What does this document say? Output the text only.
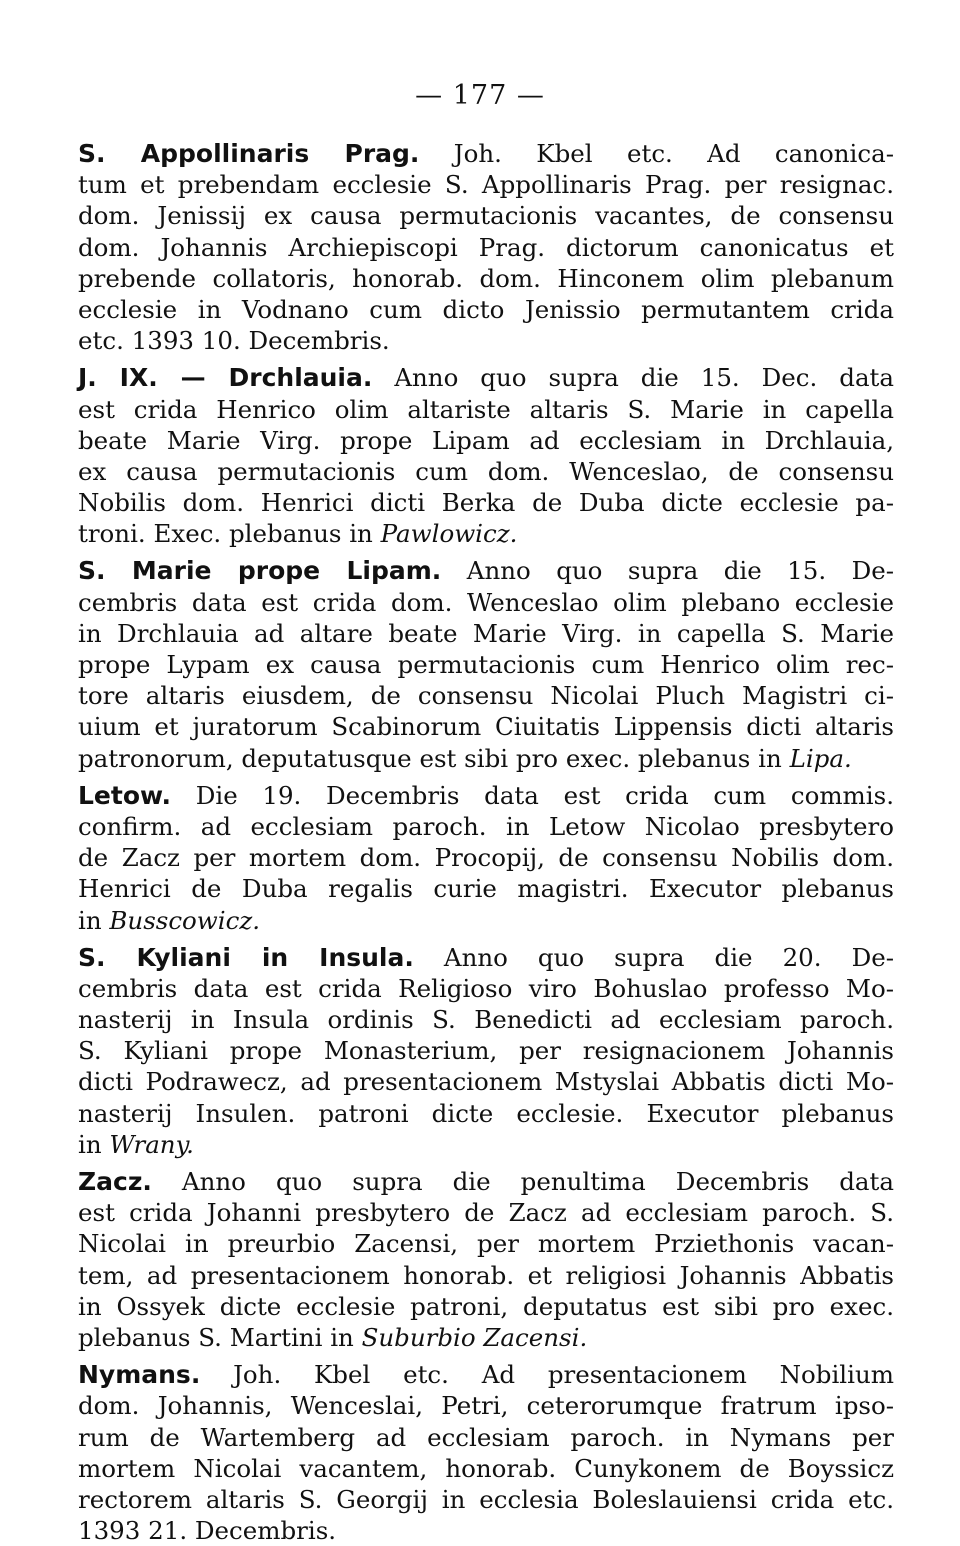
— 177 —
S. Appollinaris Prag. Joh. Kbel etc. Ad canonica-
tum et prebendam ecclesie S. Appollinaris Prag. per resignac.
dom. Jenissij ex causa permutacionis vacantes, de consensu
dom. Johannis Archiepiscopi Prag. dictorum canonicatus et
prebende collatoris, honorab. dom. Hinconem olim plebanum
ecclesie in Vodnano cum dicto Jenissio permutantem crida
etc. 1393 10. Decembris.
J. IX. — Drchlauia. Anno quo supra die 15. Dec. data
est crida Henrico olim altariste altaris S. Marie in capella
beate Marie Virg. prope Lipam ad ecclesiam in Drchlauia,
ex causa permutacionis cum dom. Wenceslao, de consensu
Nobilis dom. Henrici dicti Berka de Duba dicte ecclesie pa-
troni. Exec. plebanus in Pawlowicz.
S. Marie prope Lipam. Anno quo supra die 15. De-
cembris data est crida dom. Wenceslao olim plebano ecclesie
in Drchlauia ad altare beate Marie Virg. in capella S. Marie
prope Lypam ex causa permutacionis cum Henrico olim rec-
tore altaris eiusdem, de consensu Nicolai Pluch Magistri ci-
uium et juratorum Scabinorum Ciuitatis Lippensis dicti altaris
patronorum, deputatusque est sibi pro exec. plebanus in Lipa.
Letow. Die 19. Decembris data est crida cum commis.
confirm. ad ecclesiam paroch. in Letow Nicolao presbytero
de Zacz per mortem dom. Procopij, de consensu Nobilis dom.
Henrici de Duba regalis curie magistri. Executor plebanus
in Busscowicz.
S. Kyliani in Insula. Anno quo supra die 20. De-
cembris data est crida Religioso viro Bohuslao professo Mo-
nasterij in Insula ordinis S. Benedicti ad ecclesiam paroch.
S. Kyliani prope Monasterium, per resignacionem Johannis
dicti Podrawecz, ad presentacionem Mstyslai Abbatis dicti Mo-
nasterij Insulen. patroni dicte ecclesie. Executor plebanus
in Wrany.
Zacz. Anno quo supra die penultima Decembris data
est crida Johanni presbytero de Zacz ad ecclesiam paroch. S.
Nicolai in preurbio Zacensi, per mortem Prziethonis vacan-
tem, ad presentacionem honorab. et religiosi Johannis Abbatis
in Ossyek dicte ecclesie patroni, deputatus est sibi pro exec.
plebanus S. Martini in Suburbio Zacensi.
Nymans. Joh. Kbel etc. Ad presentacionem Nobilium
dom. Johannis, Wenceslai, Petri, ceterorumque fratrum ipso-
rum de Wartemberg ad ecclesiam paroch. in Nymans per
mortem Nicolai vacantem, honorab. Cunykonem de Boyssicz
rectorem altaris S. Georgij in ecclesia Boleslauiensi crida etc.
1393 21. Decembris.
